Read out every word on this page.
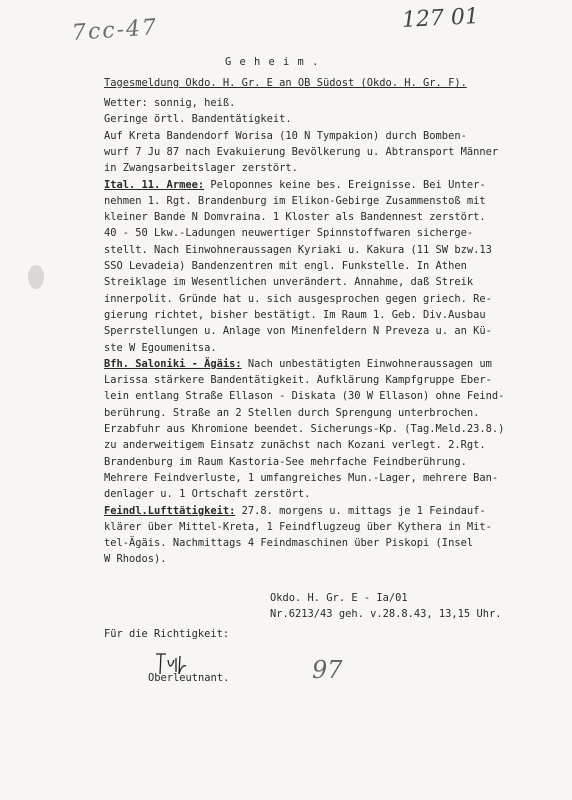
7cc-47	127 01
G e h e i m .
Tagesmeldung Okdo. H. Gr. E an OB Südost (Okdo. H. Gr. F).
Wetter: sonnig, heiß.
Geringe örtl. Bandentätigkeit.
Auf Kreta Bandendorf Worisa (10 N Tympakion) durch Bomben-
wurf 7 Ju 87 nach Evakuierung Bevölkerung u. Abtransport Männer
in Zwangsarbeitslager zerstört.
Ital. 11. Armee: Peloponnes keine bes. Ereignisse. Bei Unter-
nehmen 1. Rgt. Brandenburg im Elikon-Gebirge Zusammenstoß mit
kleiner Bande N Domvraina. 1 Kloster als Bandennest zerstört.
40 - 50 Lkw.-Ladungen neuwertiger Spinnstoffwaren sicherge-
stellt. Nach Einwohneraussagen Kyriaki u. Kakura (11 SW bzw.13
SSO Levadeia) Bandenzentren mit engl. Funkstelle. In Athen
Streiklage im Wesentlichen unverändert. Annahme, daß Streik
innerpolit. Gründe hat u. sich ausgesprochen gegen griech. Re-
gierung richtet, bisher bestätigt. Im Raum 1. Geb. Div.Ausbau
Sperrstellungen u. Anlage von Minenfeldern N Preveza u. an Kü-
ste W Egoumenitsa.
Bfh. Saloniki - Ägäis: Nach unbestätigten Einwohneraussagen um
Larissa stärkere Bandentätigkeit. Aufklärung Kampfgruppe Eber-
lein entlang Straße Ellason - Diskata (30 W Ellason) ohne Feind-
berührung. Straße an 2 Stellen durch Sprengung unterbrochen.
Erzabfuhr aus Khromione beendet. Sicherungs-Kp. (Tag.Meld.23.8.)
zu anderweitigem Einsatz zunächst nach Kozani verlegt. 2.Rgt.
Brandenburg im Raum Kastoria-See mehrfache Feindberührung.
Mehrere Feindverluste, 1 umfangreiches Mun.-Lager, mehrere Ban-
denlager u. 1 Ortschaft zerstört.
Feindl.Lufttätigkeit: 27.8. morgens u. mittags je 1 Feindauf-
klärer über Mittel-Kreta, 1 Feindflugzeug über Kythera in Mit-
tel-Ägäis. Nachmittags 4 Feindmaschinen über Piskopi (Insel
W Rhodos).
Okdo. H. Gr. E - Ia/01
Nr.6213/43 geh. v.28.8.43, 13,15 Uhr.
Für die Richtigkeit:
Oberleutnant.	97
